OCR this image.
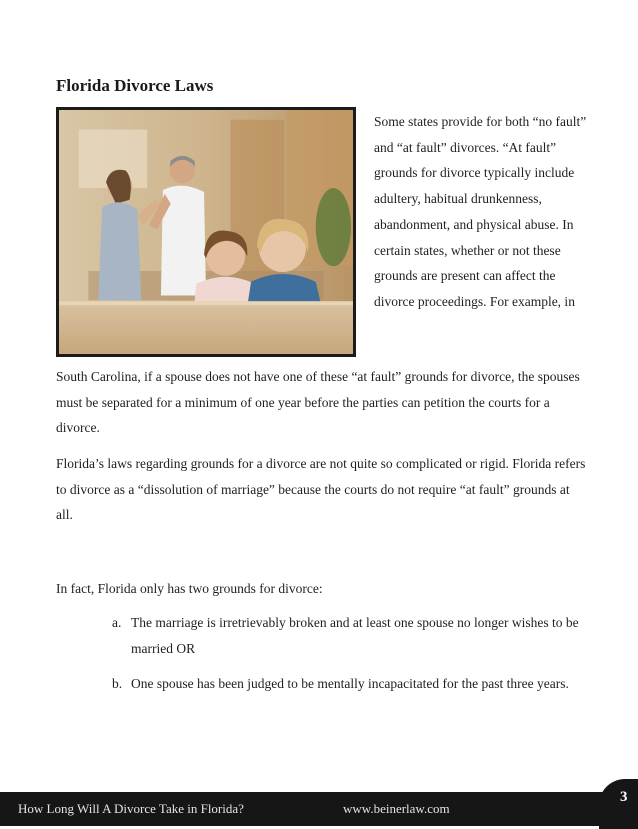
Florida Divorce Laws

Some states provide for both “no fault” and “at fault” divorces. “At fault” grounds for divorce typically include adultery, habitual drunkenness, abandonment, and physical abuse. In certain states, whether or not these grounds are present can affect the divorce proceedings. For example, in

South Carolina, if a spouse does not have one of these “at fault” grounds for divorce, the spouses must be separated for a minimum of one year before the parties can petition the courts for a divorce.

Florida’s laws regarding grounds for a divorce are not quite so complicated or rigid. Florida refers to divorce as a “dissolution of marriage” because the courts do not require “at fault” grounds at all.

In fact, Florida only has two grounds for divorce:

a. The marriage is irretrievably broken and at least one spouse no longer wishes to be married OR
b. One spouse has been judged to be mentally incapacitated for the past three years.
How Long Will A Divorce Take in Florida?	www.beinerlaw.com
3
